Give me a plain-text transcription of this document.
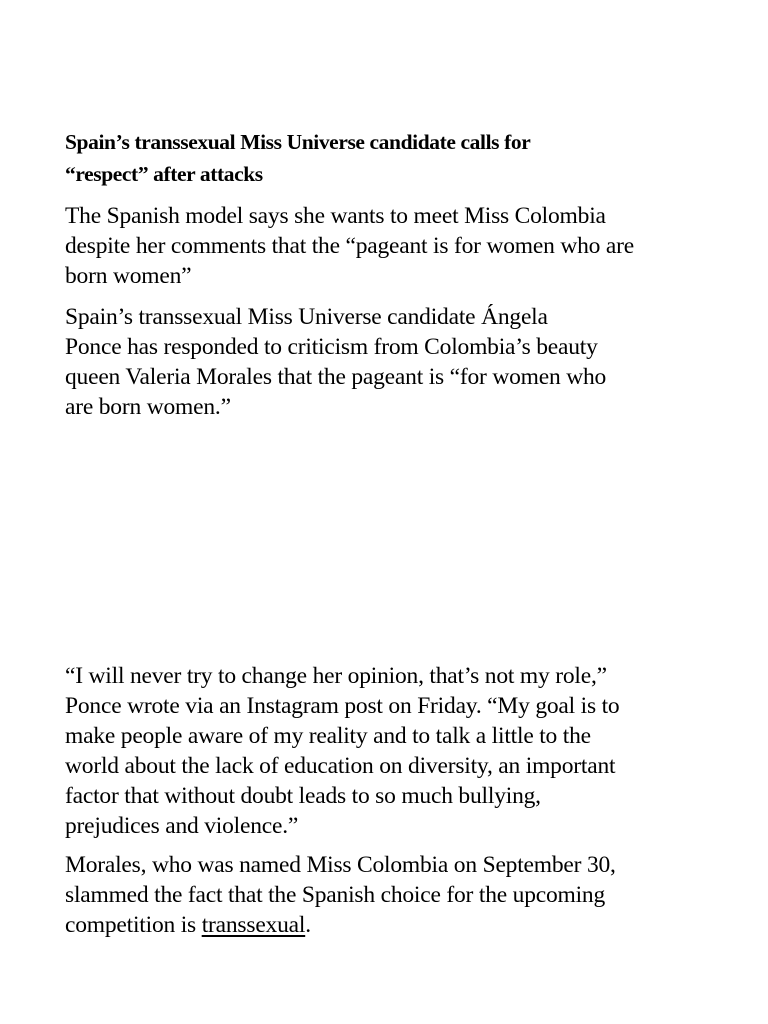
Spain’s transsexual Miss Universe candidate calls for
“respect” after attacks

The Spanish model says she wants to meet Miss Colombia
despite her comments that the “pageant is for women who are
born women”

Spain’s transsexual Miss Universe candidate Ángela
Ponce has responded to criticism from Colombia’s beauty
queen Valeria Morales that the pageant is “for women who
are born women.”

“I will never try to change her opinion, that’s not my role,”
Ponce wrote via an Instagram post on Friday. “My goal is to
make people aware of my reality and to talk a little to the
world about the lack of education on diversity, an important
factor that without doubt leads to so much bullying,
prejudices and violence.”

Morales, who was named Miss Colombia on September 30,
slammed the fact that the Spanish choice for the upcoming
competition is transsexual.
